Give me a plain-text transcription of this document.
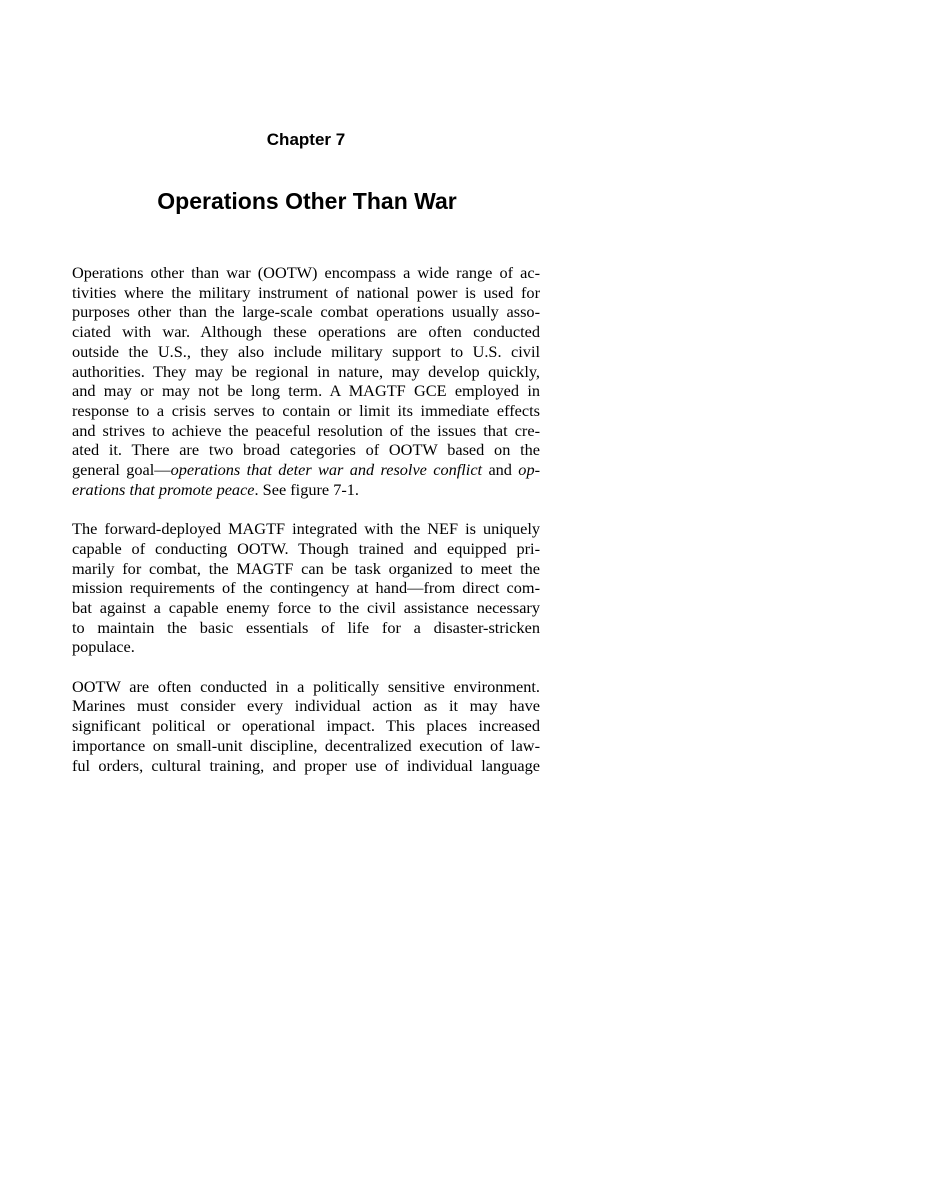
Chapter 7
Operations Other Than War
Operations other than war (OOTW) encompass a wide range of ac-
tivities where the military instrument of national power is used for
purposes other than the large-scale combat operations usually asso-
ciated with war. Although these operations are often conducted
outside the U.S., they also include military support to U.S. civil
authorities. They may be regional in nature, may develop quickly,
and may or may not be long term. A MAGTF GCE employed in
response to a crisis serves to contain or limit its immediate effects
and strives to achieve the peaceful resolution of the issues that cre-
ated it. There are two broad categories of OOTW based on the
general goal—operations that deter war and resolve conflict and op-
erations that promote peace. See figure 7-1.
The forward-deployed MAGTF integrated with the NEF is uniquely
capable of conducting OOTW. Though trained and equipped pri-
marily for combat, the MAGTF can be task organized to meet the
mission requirements of the contingency at hand—from direct com-
bat against a capable enemy force to the civil assistance necessary
to maintain the basic essentials of life for a disaster-stricken
populace.
OOTW are often conducted in a politically sensitive environment.
Marines must consider every individual action as it may have
significant political or operational impact. This places increased
importance on small-unit discipline, decentralized execution of law-
ful orders, cultural training, and proper use of individual language
